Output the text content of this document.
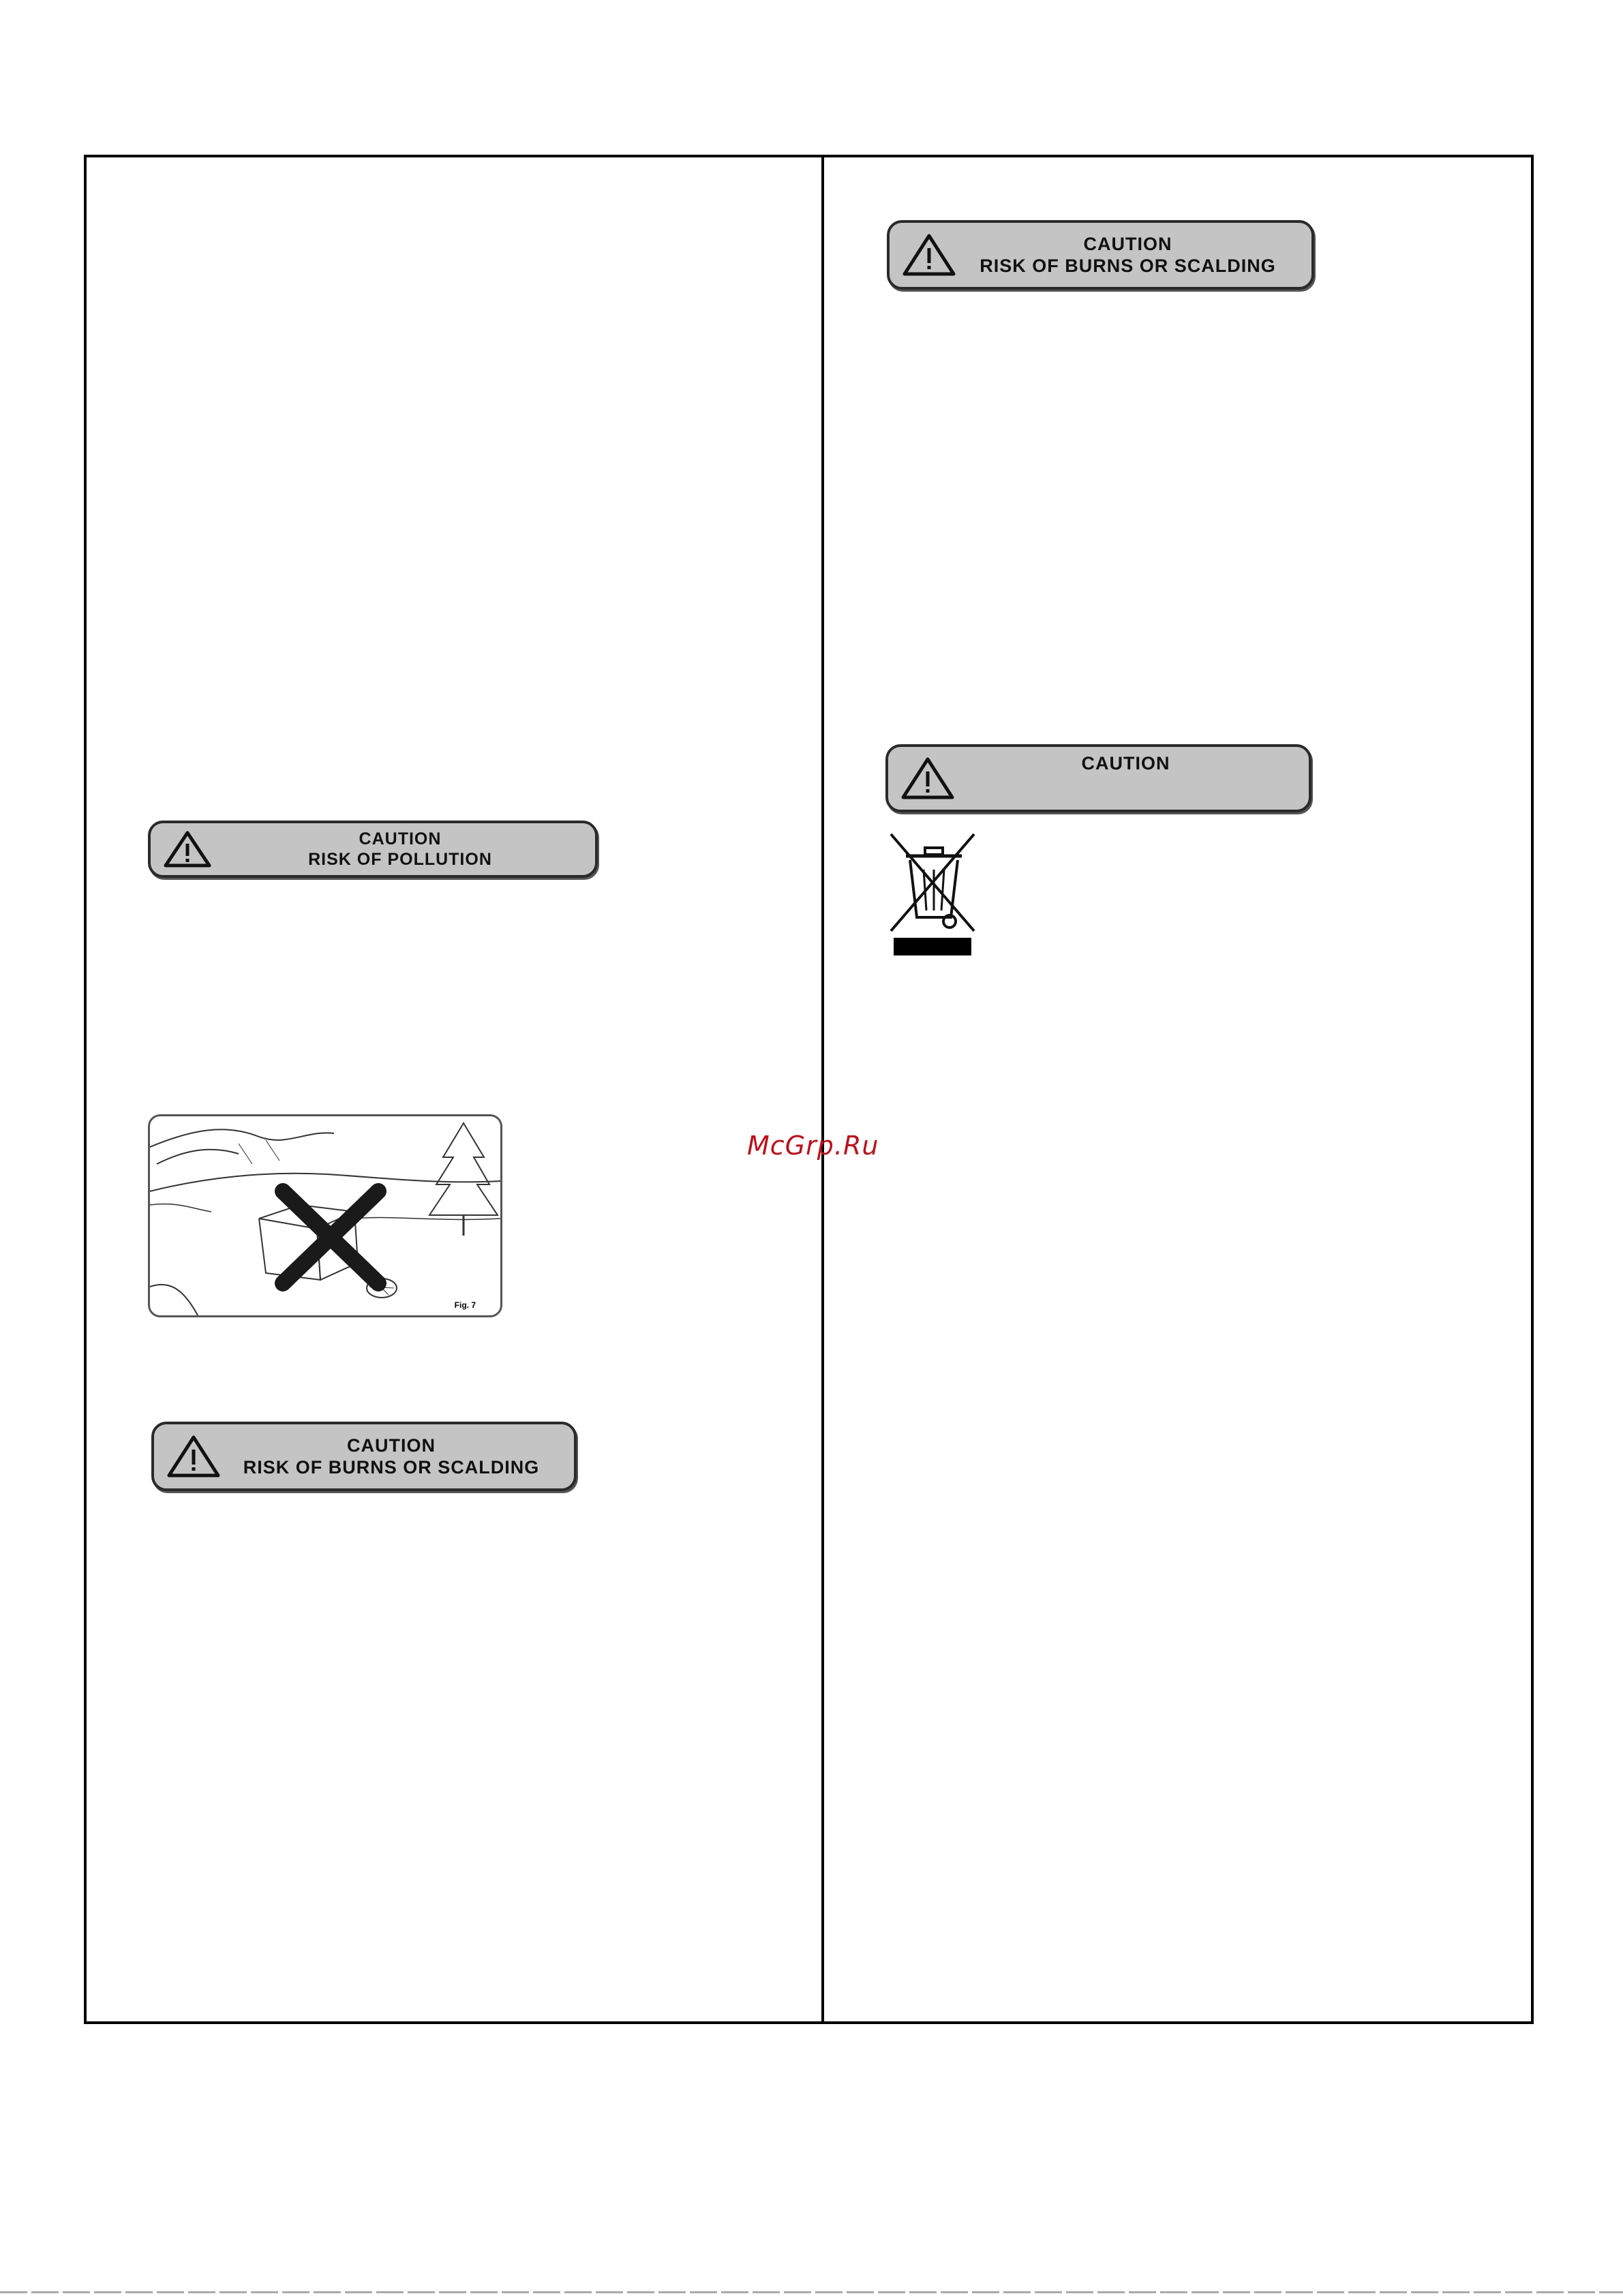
CAUTION
RISK OF POLLUTION
Fig. 7
CAUTION
RISK OF BURNS OR SCALDING
CAUTION
RISK OF BURNS OR SCALDING
CAUTION
McGrp.Ru
